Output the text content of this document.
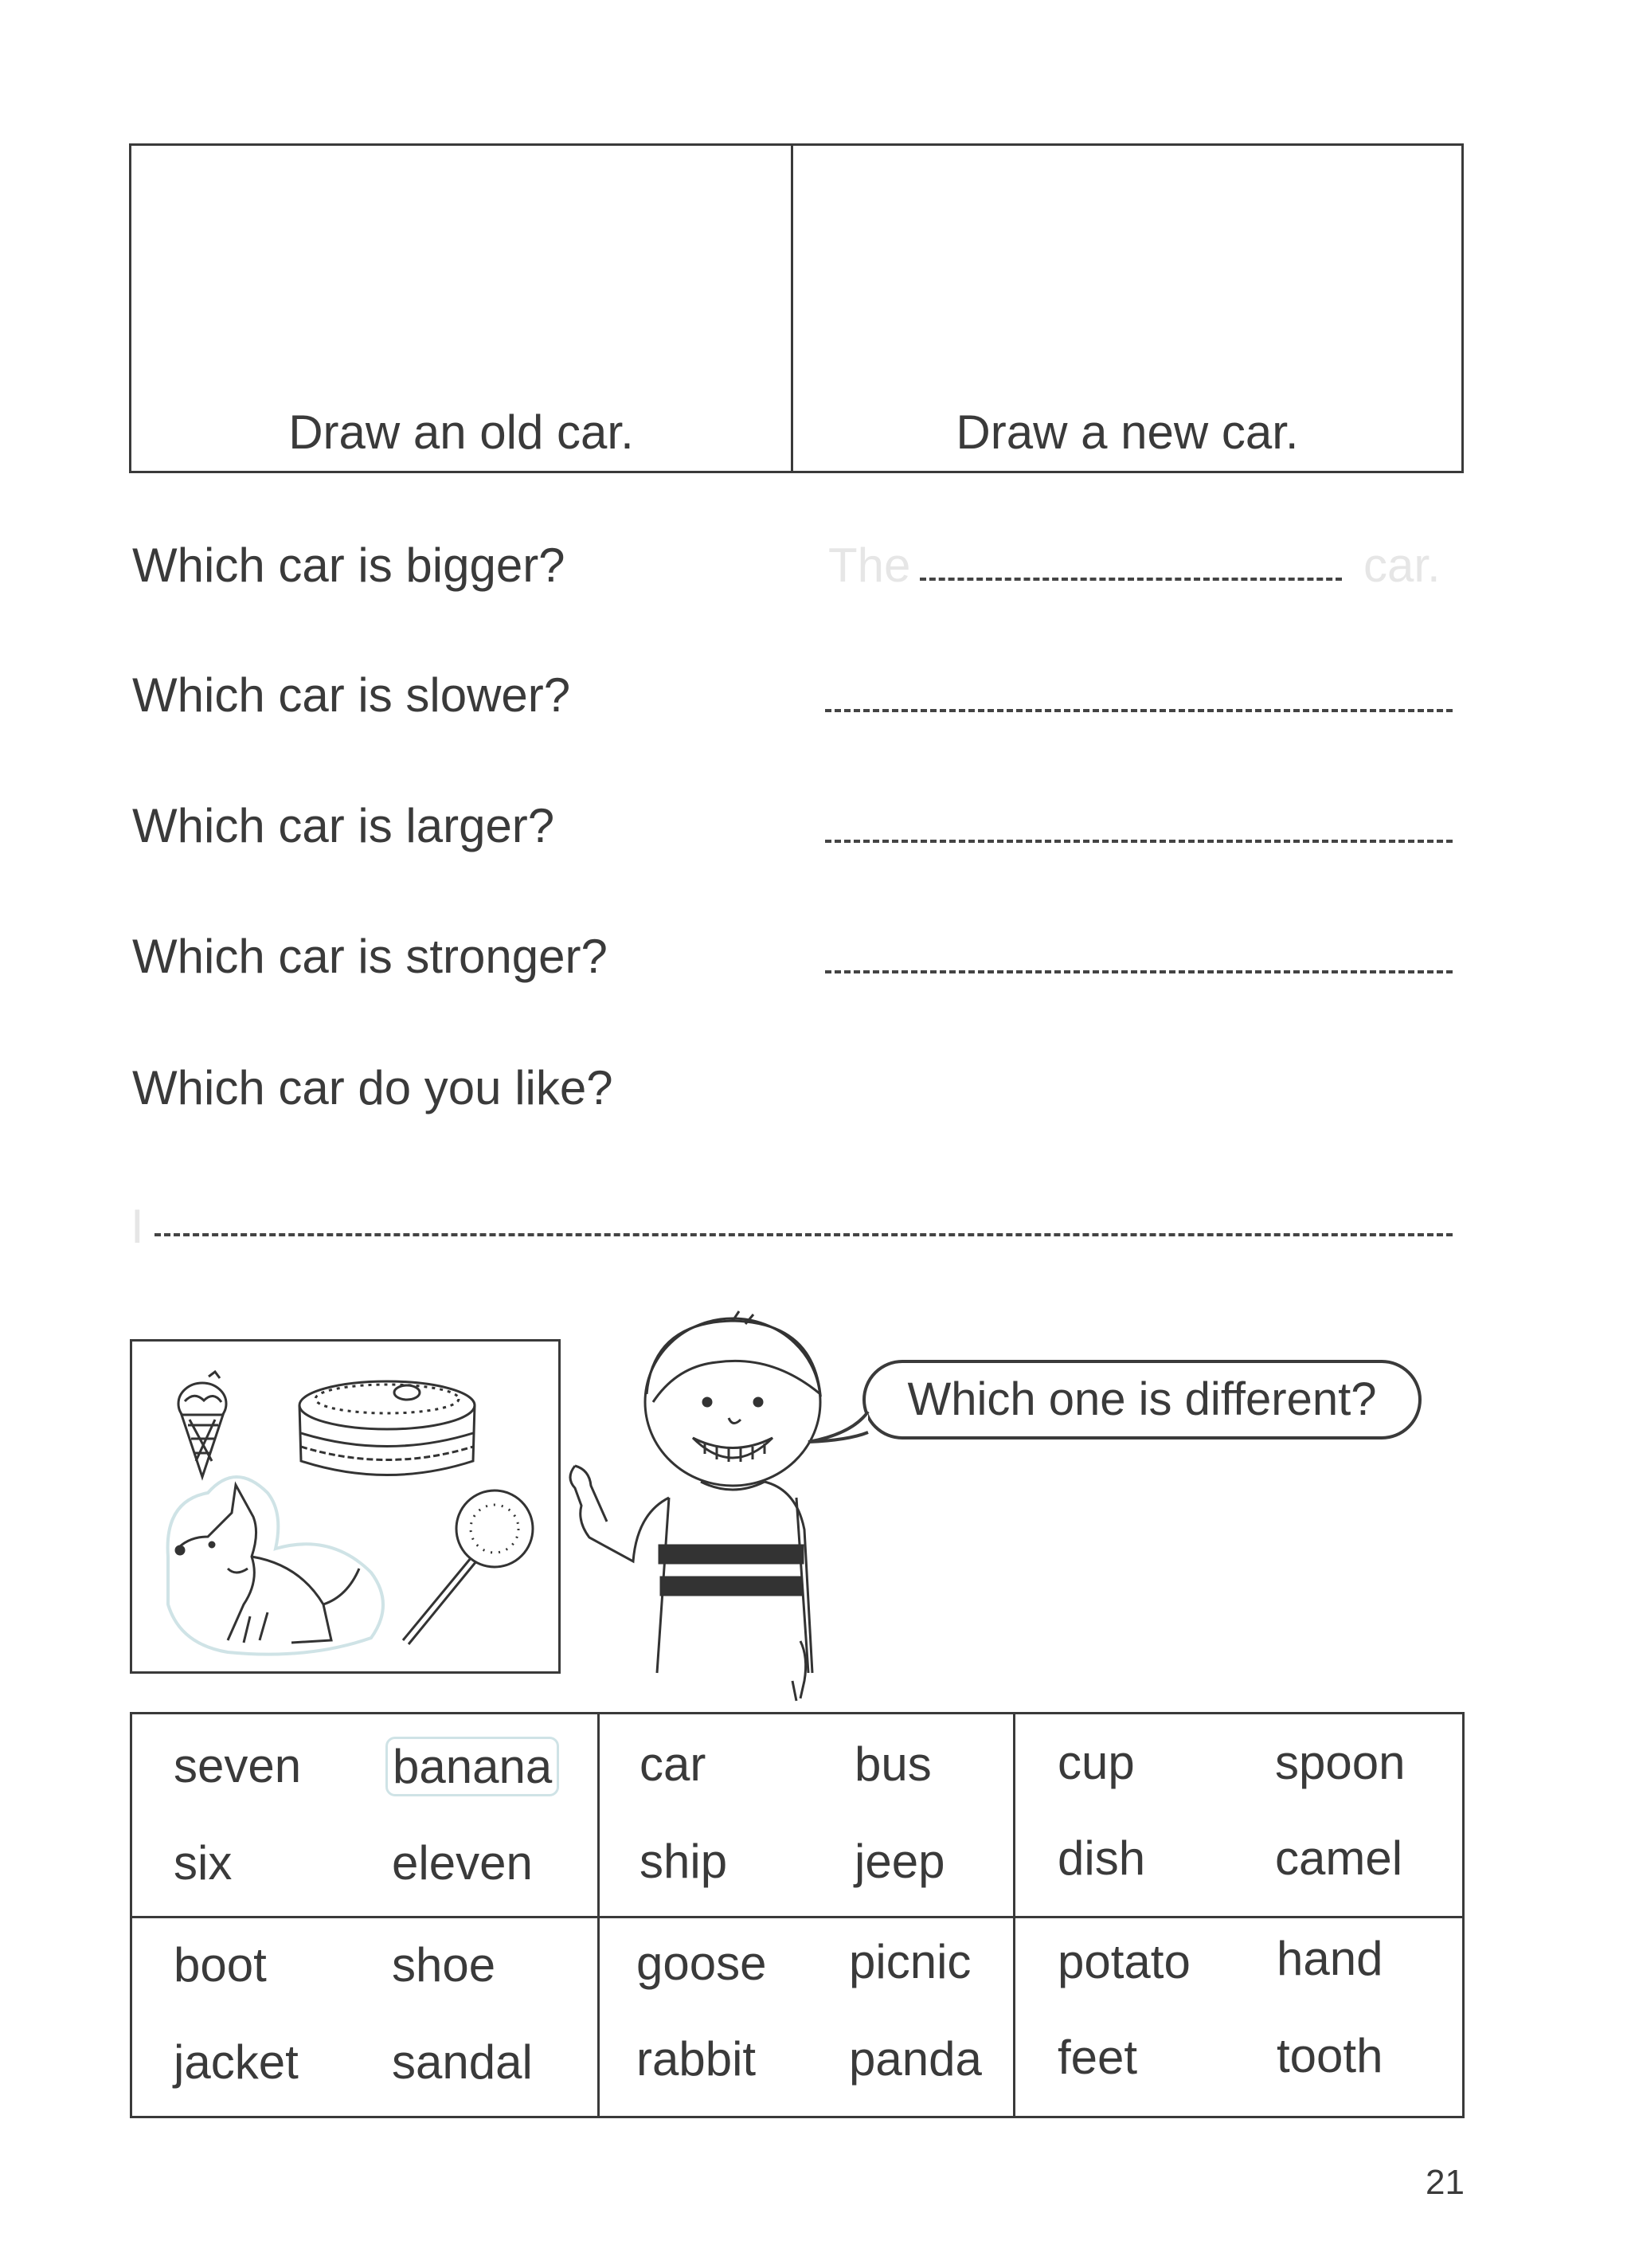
Draw an old car.	Draw a new car.
Which car is bigger?	The	car.
Which car is slower?
Which car is larger?
Which car is stronger?
Which car do you like?
I
Which one is different?
seven banana
six	eleven
car	bus
ship	jeep
cup	spoon
dish	camel
boot	shoe
jacket sandal
goose picnic
rabbit panda
potato hand
feet	tooth
21
